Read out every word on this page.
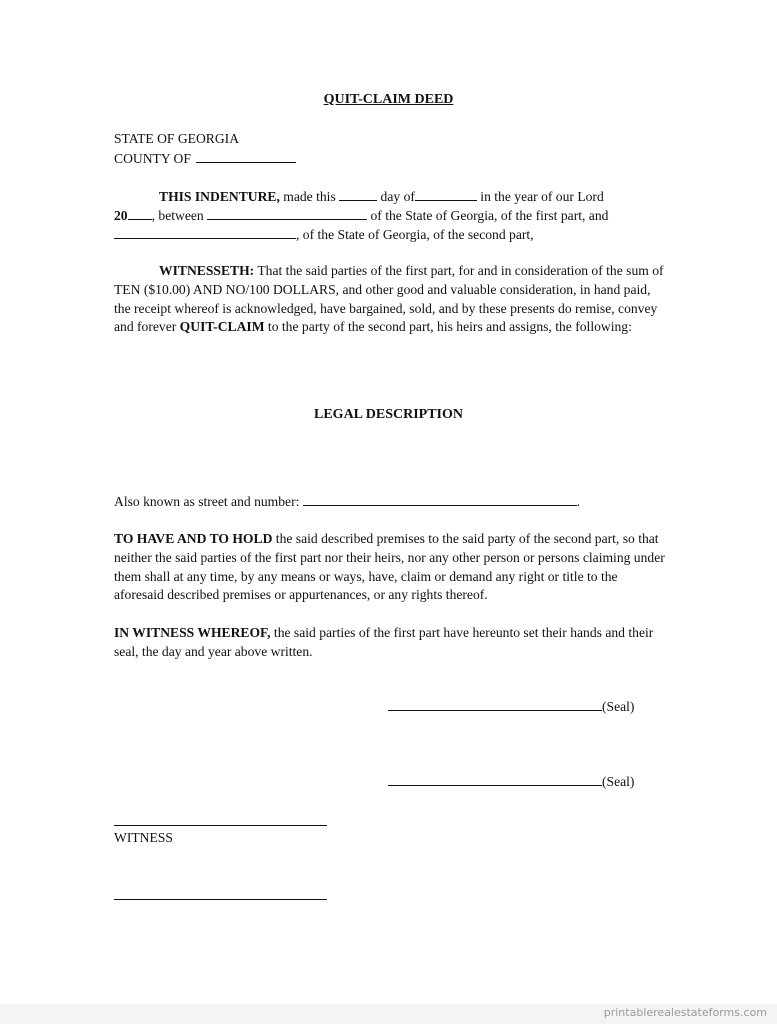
QUIT-CLAIM DEED
STATE OF GEORGIA
COUNTY OF
THIS INDENTURE, made this	day of	in the year of our Lord
20 , between	of the State of Georgia, of the first part, and
, of the State of Georgia, of the second part,
WITNESSETH: That the said parties of the first part, for and in consideration of the sum of TEN ($10.00) AND NO/100 DOLLARS, and other good and valuable consideration, in hand paid, the receipt whereof is acknowledged, have bargained, sold, and by these presents do remise, convey and forever QUIT-CLAIM to the party of the second part, his heirs and assigns, the following:
LEGAL DESCRIPTION
Also known as street and number:	.
TO HAVE AND TO HOLD the said described premises to the said party of the second part, so that neither the said parties of the first part nor their heirs, nor any other person or persons claiming under them shall at any time, by any means or ways, have, claim or demand any right or title to the aforesaid described premises or appurtenances, or any rights thereof.
IN WITNESS WHEREOF, the said parties of the first part have hereunto set their hands and their seal, the day and year above written.
(Seal)
(Seal)
WITNESS
printablerealestateforms.com
